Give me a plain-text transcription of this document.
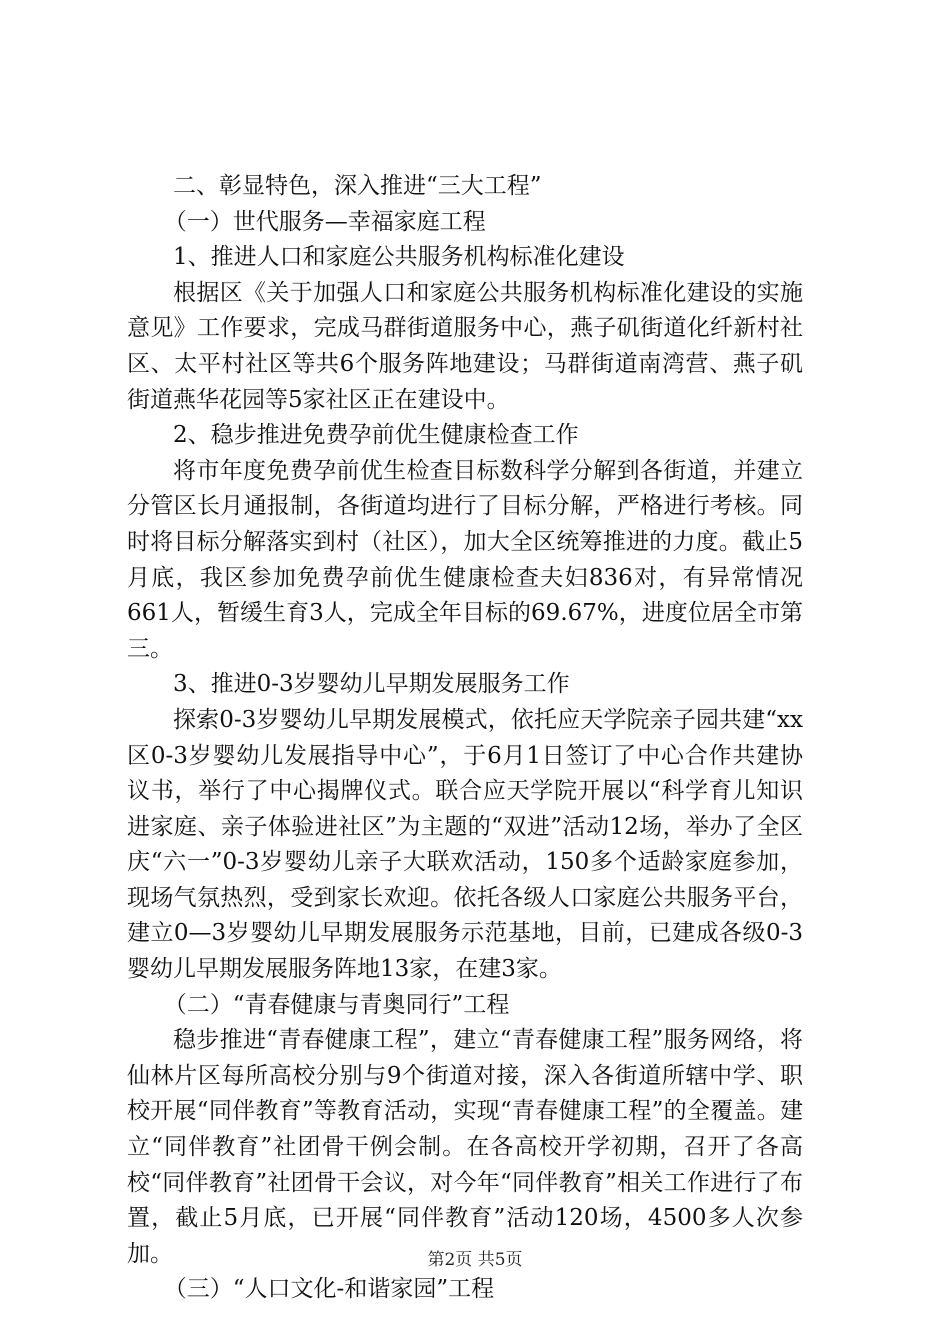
二、彰显特色，深入推进“三大工程”

（一）世代服务—幸福家庭工程

1、推进人口和家庭公共服务机构标准化建设

根据区《关于加强人口和家庭公共服务机构标准化建设的实施意见》工作要求，完成马群街道服务中心，燕子矶街道化纤新村社区、太平村社区等共6个服务阵地建设；马群街道南湾营、燕子矶街道燕华花园等5家社区正在建设中。

2、稳步推进免费孕前优生健康检查工作

将市年度免费孕前优生检查目标数科学分解到各街道，并建立分管区长月通报制，各街道均进行了目标分解，严格进行考核。同时将目标分解落实到村（社区），加大全区统筹推进的力度。截止5月底，我区参加免费孕前优生健康检查夫妇836对，有异常情况661人，暂缓生育3人，完成全年目标的69.67%，进度位居全市第三。

3、推进0-3岁婴幼儿早期发展服务工作

探索0-3岁婴幼儿早期发展模式，依托应天学院亲子园共建“xx区0-3岁婴幼儿发展指导中心”，于6月1日签订了中心合作共建协议书，举行了中心揭牌仪式。联合应天学院开展以“科学育儿知识进家庭、亲子体验进社区”为主题的“双进”活动12场，举办了全区庆“六一”0-3岁婴幼儿亲子大联欢活动，150多个适龄家庭参加，现场气氛热烈，受到家长欢迎。依托各级人口家庭公共服务平台，建立0—3岁婴幼儿早期发展服务示范基地，目前，已建成各级0-3婴幼儿早期发展服务阵地13家，在建3家。

（二）“青春健康与青奥同行”工程

稳步推进“青春健康工程”，建立“青春健康工程”服务网络，将仙林片区每所高校分别与9个街道对接，深入各街道所辖中学、职校开展“同伴教育”等教育活动，实现“青春健康工程”的全覆盖。建立“同伴教育”社团骨干例会制。在各高校开学初期，召开了各高校“同伴教育”社团骨干会议，对今年“同伴教育”相关工作进行了布置，截止5月底，已开展“同伴教育”活动120场，4500多人次参加。

（三）“人口文化-和谐家园”工程

第2页 共5页
